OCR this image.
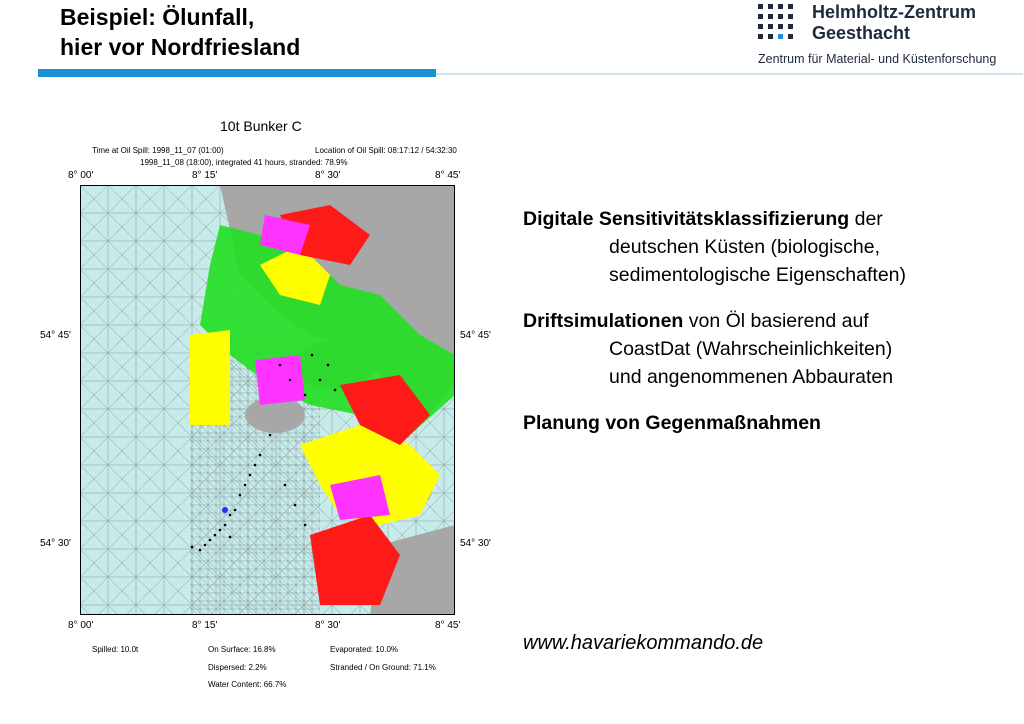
Beispiel: Ölunfall,
hier vor Nordfriesland
Helmholtz-Zentrum
Geesthacht
Zentrum für Material- und Küstenforschung
10t Bunker C
Time at Oil Spill: 1998_11_07 (01:00)	Location of Oil Spill: 08:17:12 / 54:32:30
1998_11_08 (18:00), integrated 41 hours, stranded: 78.9%
8° 00'	8° 15'	8° 30'	8° 45'
54° 45'	54° 45'
54° 30'	54° 30'
8° 00'	8° 15'	8° 30'	8° 45'
Spilled: 10.0t	On Surface: 16.8%	Evaporated: 10.0%
Dispersed: 2.2%	Stranded / On Ground: 71.1%
Water Content: 66.7%
Digitale Sensitivitätsklassifizierung der
deutschen Küsten (biologische,
sedimentologische Eigenschaften)
Driftsimulationen von Öl basierend auf
CoastDat (Wahrscheinlichkeiten)
und angenommenen Abbauraten
Planung von Gegenmaßnahmen
www.havariekommando.de
